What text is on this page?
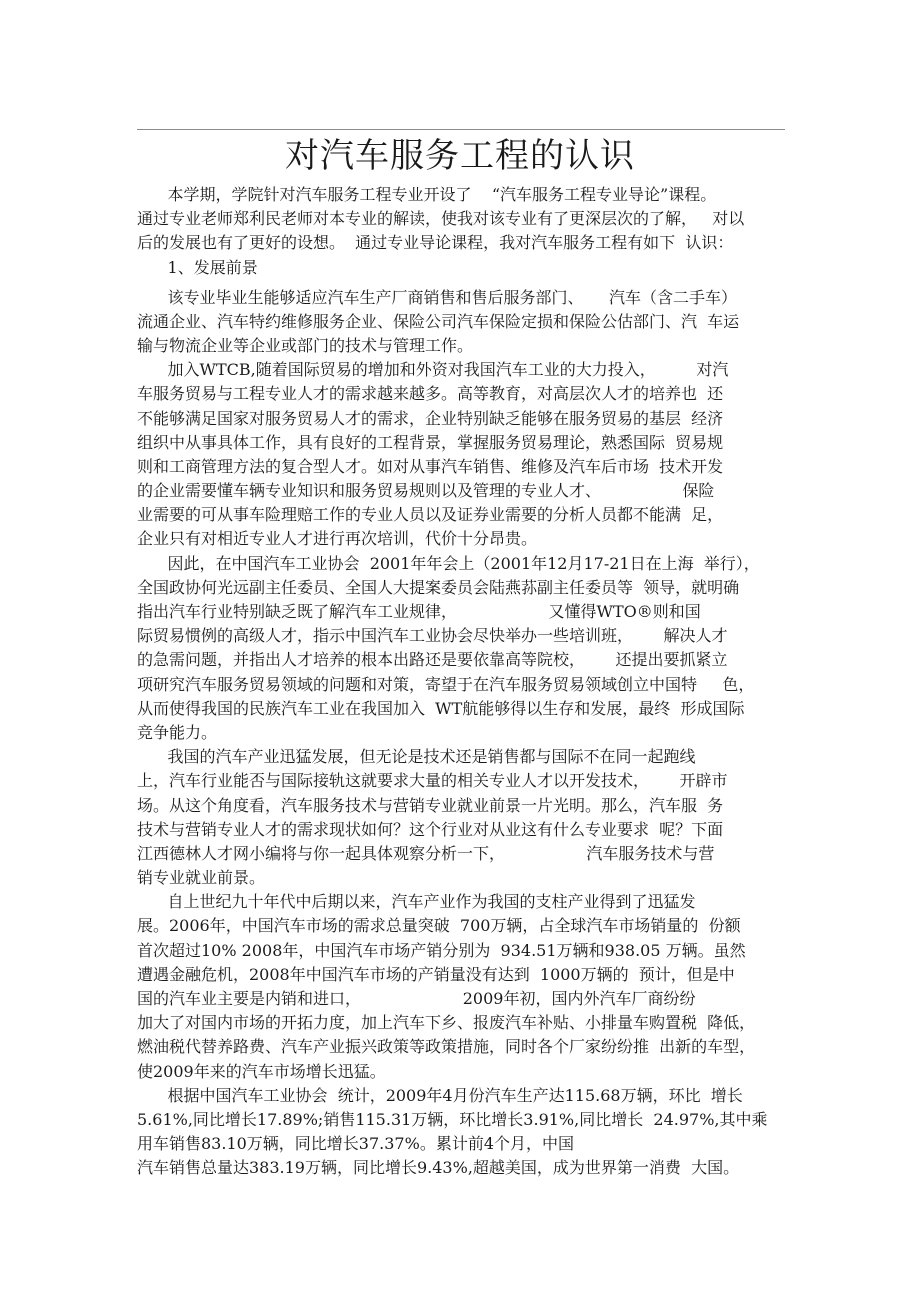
对汽车服务工程的认识
本学期，学院针对汽车服务工程专业开设了    “汽车服务工程专业导论”课程。
通过专业老师郑利民老师对本专业的解读，使我对该专业有了更深层次的了解，   对以
后的发展也有了更好的设想。  通过专业导论课程，我对汽车服务工程有如下  认识：
1、发展前景
该专业毕业生能够适应汽车生产厂商销售和售后服务部门、     汽车（含二手车）
流通企业、汽车特约维修服务企业、保险公司汽车保险定损和保险公估部门、汽  车运
输与物流企业等企业或部门的技术与管理工作。
加入WTCB,随着国际贸易的增加和外资对我国汽车工业的大力投入，        对汽
车服务贸易与工程专业人才的需求越来越多。高等教育，对高层次人才的培养也  还
不能够满足国家对服务贸易人才的需求，企业特别缺乏能够在服务贸易的基层  经济
组织中从事具体工作，具有良好的工程背景，掌握服务贸易理论，熟悉国际  贸易规
则和工商管理方法的复合型人才。如对从事汽车销售、维修及汽车后市场  技术开发
的企业需要懂车辆专业知识和服务贸易规则以及管理的专业人才、                保险
业需要的可从事车险理赔工作的专业人员以及证券业需要的分析人员都不能满  足，
企业只有对相近专业人才进行再次培训，代价十分昂贵。
因此，在中国汽车工业协会  2001年年会上（2001年12月17-21日在上海  举行），
全国政协何光远副主任委员、全国人大提案委员会陆燕荪副主任委员等  领导，就明确
指出汽车行业特别缺乏既了解汽车工业规律，                  又懂得WTO®则和国
际贸易惯例的高级人才，指示中国汽车工业协会尽快举办一些培训班，      解决人才
的急需问题，并指出人才培养的根本出路还是要依靠高等院校，      还提出要抓紧立
项研究汽车服务贸易领域的问题和对策，寄望于在汽车服务贸易领域创立中国特     色，
从而使得我国的民族汽车工业在我国加入  WT航能够得以生存和发展，最终  形成国际
竞争能力。
我国的汽车产业迅猛发展，但无论是技术还是销售都与国际不在同一起跑线
上，汽车行业能否与国际接轨这就要求大量的相关专业人才以开发技术，      开辟市
场。从这个角度看，汽车服务技术与营销专业就业前景一片光明。那么，汽车服  务
技术与营销专业人才的需求现状如何？这个行业对从业这有什么专业要求  呢？下面
江西德林人才网小编将与你一起具体观察分析一下，                汽车服务技术与营
销专业就业前景。
自上世纪九十年代中后期以来，汽车产业作为我国的支柱产业得到了迅猛发
展。2006年，中国汽车市场的需求总量突破  700万辆，占全球汽车市场销量的  份额
首次超过10% 2008年，中国汽车市场产销分别为  934.51万辆和938.05 万辆。虽然
遭遇金融危机，2008年中国汽车市场的产销量没有达到  1000万辆的  预计，但是中
国的汽车业主要是内销和进口，                    2009年初，国内外汽车厂商纷纷
加大了对国内市场的开拓力度，加上汽车下乡、报废汽车补贴、小排量车购置税  降低，
燃油税代替养路费、汽车产业振兴政策等政策措施，同时各个厂家纷纷推  出新的车型，
使2009年来的汽车市场增长迅猛。
根据中国汽车工业协会  统计，2009年4月份汽车生产达115.68万辆，环比  增长
5.61%,同比增长17.89%;销售115.31万辆，环比增长3.91%,同比增长  24.97%,其中乘
用车销售83.10万辆，同比增长37.37%。累计前4个月，中国
汽车销售总量达383.19万辆，同比增长9.43%,超越美国，成为世界第一消费  大国。
